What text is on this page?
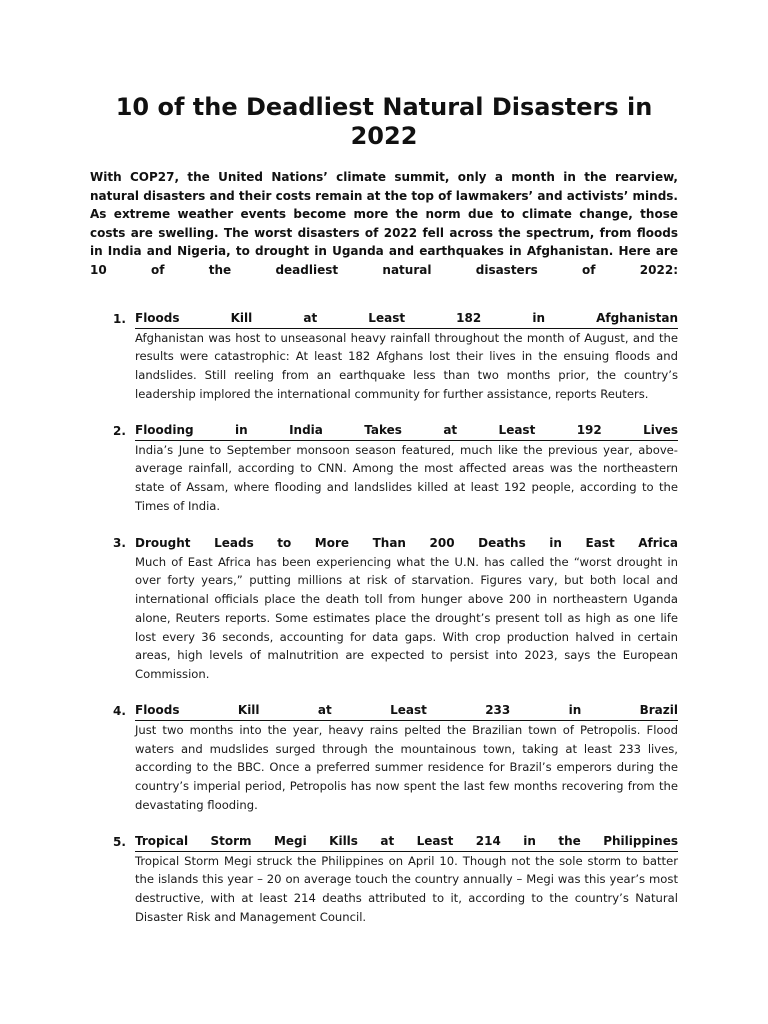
10 of the Deadliest Natural Disasters in 2022

With COP27, the United Nations’ climate summit, only a month in the rearview, natural disasters and their costs remain at the top of lawmakers’ and activists’ minds. As extreme weather events become more the norm due to climate change, those costs are swelling. The worst disasters of 2022 fell across the spectrum, from floods in India and Nigeria, to drought in Uganda and earthquakes in Afghanistan. Here are 10 of the deadliest natural disasters of 2022:

1. Floods Kill at Least 182 in Afghanistan
Afghanistan was host to unseasonal heavy rainfall throughout the month of August, and the results were catastrophic: At least 182 Afghans lost their lives in the ensuing floods and landslides. Still reeling from an earthquake less than two months prior, the country’s leadership implored the international community for further assistance, reports Reuters.
2. Flooding in India Takes at Least 192 Lives
India’s June to September monsoon season featured, much like the previous year, above-average rainfall, according to CNN. Among the most affected areas was the northeastern state of Assam, where flooding and landslides killed at least 192 people, according to the Times of India.
3. Drought Leads to More Than 200 Deaths in East Africa
Much of East Africa has been experiencing what the U.N. has called the “worst drought in over forty years,” putting millions at risk of starvation. Figures vary, but both local and international officials place the death toll from hunger above 200 in northeastern Uganda alone, Reuters reports. Some estimates place the drought’s present toll as high as one life lost every 36 seconds, accounting for data gaps. With crop production halved in certain areas, high levels of malnutrition are expected to persist into 2023, says the European Commission.
4. Floods Kill at Least 233 in Brazil
Just two months into the year, heavy rains pelted the Brazilian town of Petropolis. Flood waters and mudslides surged through the mountainous town, taking at least 233 lives, according to the BBC. Once a preferred summer residence for Brazil’s emperors during the country’s imperial period, Petropolis has now spent the last few months recovering from the devastating flooding.
5. Tropical Storm Megi Kills at Least 214 in the Philippines
Tropical Storm Megi struck the Philippines on April 10. Though not the sole storm to batter the islands this year – 20 on average touch the country annually – Megi was this year’s most destructive, with at least 214 deaths attributed to it, according to the country’s Natural Disaster Risk and Management Council.
